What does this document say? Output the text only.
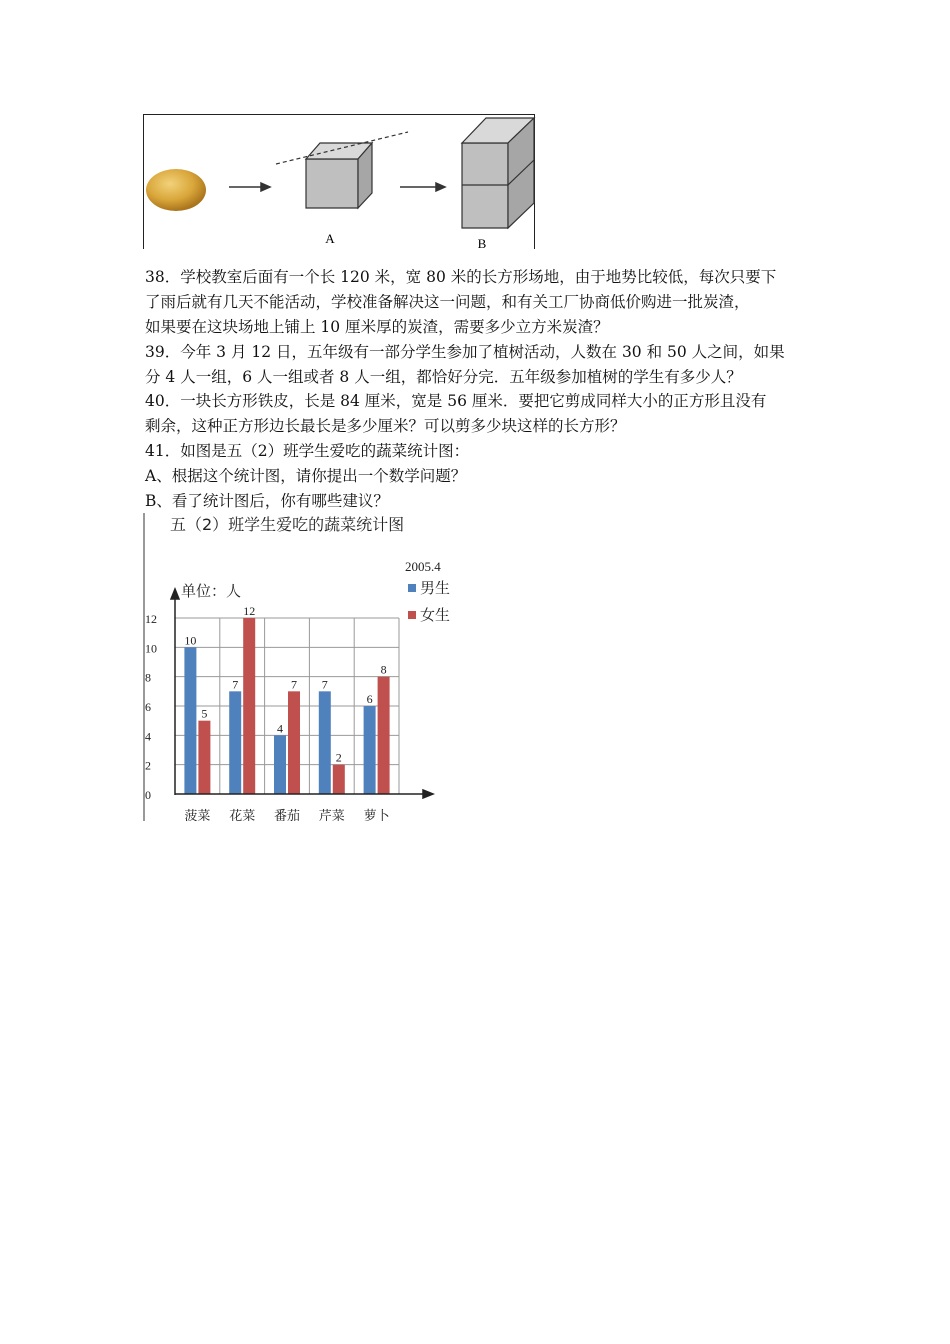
A	B
38．学校教室后面有一个长 120 米，宽 80 米的长方形场地，由于地势比较低，每次只要下
了雨后就有几天不能活动，学校准备解决这一问题，和有关工厂协商低价购进一批炭渣，
如果要在这块场地上铺上 10 厘米厚的炭渣，需要多少立方米炭渣？
39．今年 3 月 12 日，五年级有一部分学生参加了植树活动，人数在 30 和 50 人之间，如果
分 4 人一组，6 人一组或者 8 人一组，都恰好分完．五年级参加植树的学生有多少人？
40．一块长方形铁皮，长是 84 厘米，宽是 56 厘米．要把它剪成同样大小的正方形且没有
剩余，这种正方形边长最长是多少厘米？可以剪多少块这样的长方形？
41．如图是五（2）班学生爱吃的蔬菜统计图：
A、根据这个统计图，请你提出一个数学问题？
B、看了统计图后，你有哪些建议？
五（2）班学生爱吃的蔬菜统计图
2005.4
单位：人	男生
女生
0
2
4
6
8
10
12
10
5
7
12
4
7 7
2
6
8
菠菜 花菜 番茄 芹菜 萝卜
